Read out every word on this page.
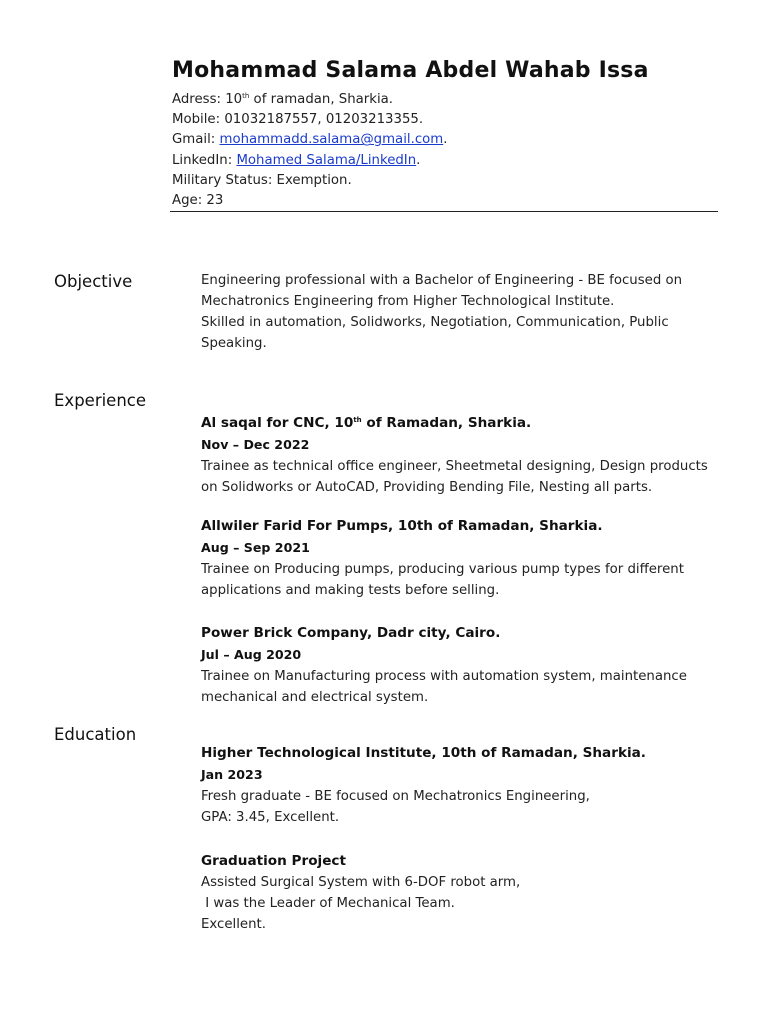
Mohammad Salama Abdel Wahab Issa
Adress: 10th of ramadan, Sharkia.
Mobile: 01032187557, 01203213355.
Gmail: mohammadd.salama@gmail.com.
LinkedIn: Mohamed Salama/LinkedIn.
Military Status: Exemption.
Age: 23
Objective	Engineering professional with a Bachelor of Engineering - BE focused on
Mechatronics Engineering from Higher Technological Institute.
Skilled in automation, Solidworks, Negotiation, Communication, Public
Speaking.
Experience
Al saqal for CNC, 10th of Ramadan, Sharkia.
Nov – Dec 2022
Trainee as technical office engineer, Sheetmetal designing, Design products
on Solidworks or AutoCAD, Providing Bending File, Nesting all parts.
Allwiler Farid For Pumps, 10th of Ramadan, Sharkia.
Aug – Sep 2021
Trainee on Producing pumps, producing various pump types for different
applications and making tests before selling.
Power Brick Company, Dadr city, Cairo.
Jul – Aug 2020
Trainee on Manufacturing process with automation system, maintenance
mechanical and electrical system.
Education
Higher Technological Institute, 10th of Ramadan, Sharkia.
Jan 2023
Fresh graduate - BE focused on Mechatronics Engineering,
GPA: 3.45, Excellent.
Graduation Project
Assisted Surgical System with 6-DOF robot arm,
I was the Leader of Mechanical Team.
Excellent.
